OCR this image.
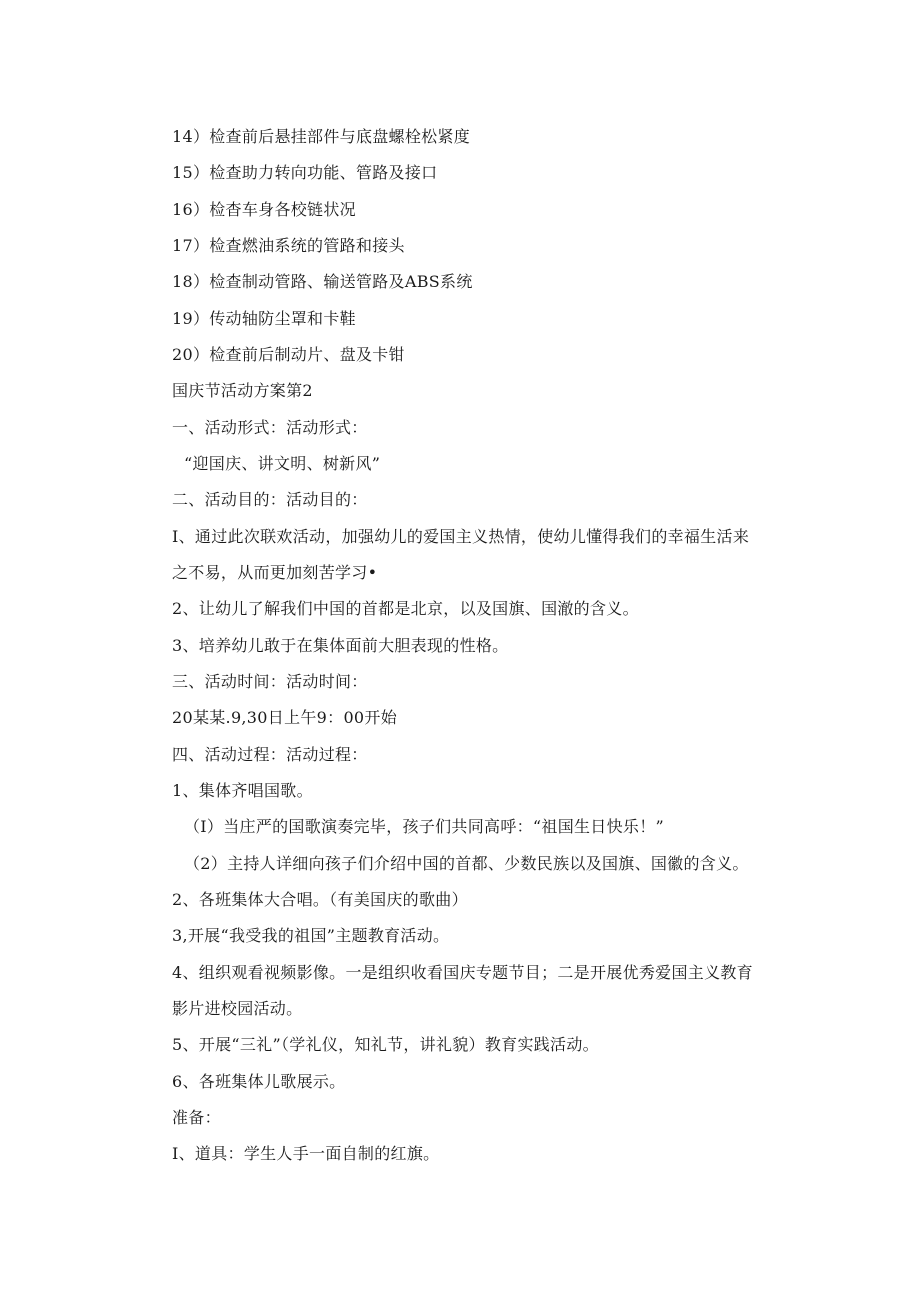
14）检查前后悬挂部件与底盘螺栓松紧度
15）检查助力转向功能、管路及接口
16）检杳车身各校链状况
17）检查燃油系统的管路和接头
18）检查制动管路、输送管路及ABS系统
19）传动轴防尘罩和卡鞋
20）检查前后制动片、盘及卡钳
国庆节活动方案第2
一、活动形式：活动形式：
“迎国庆、讲文明、树新风”
二、活动目的：活动目的：
I、通过此次联欢活动，加强幼儿的爱国主义热情，使幼儿懂得我们的幸福生活来
之不易，从而更加刻苦学习•
2、让幼儿了解我们中国的首都是北京，以及国旗、国澈的含义。
3、培养幼儿敢于在集体面前大胆表现的性格。
三、活动时间：活动时间：
20某某.9,30日上午9：00开始
四、活动过程：活动过程：
1、集体齐唱国歌。
（I）当庄严的国歌演奏完毕，孩子们共同高呼：“祖国生日快乐！”
（2）主持人详细向孩子们介绍中国的首都、少数民族以及国旗、国徽的含义。
2、各班集体大合唱。（有美国庆的歌曲）
3,开展“我受我的祖国”主题教育活动。
4、组织观看视频影像。一是组织收看国庆专题节目；二是开展优秀爱国主义教育
影片进校园活动。
5、开展“三礼”（学礼仪，知礼节，讲礼貌）教育实践活动。
6、各班集体儿歌展示。
准备：
I、道具：学生人手一面自制的红旗。
